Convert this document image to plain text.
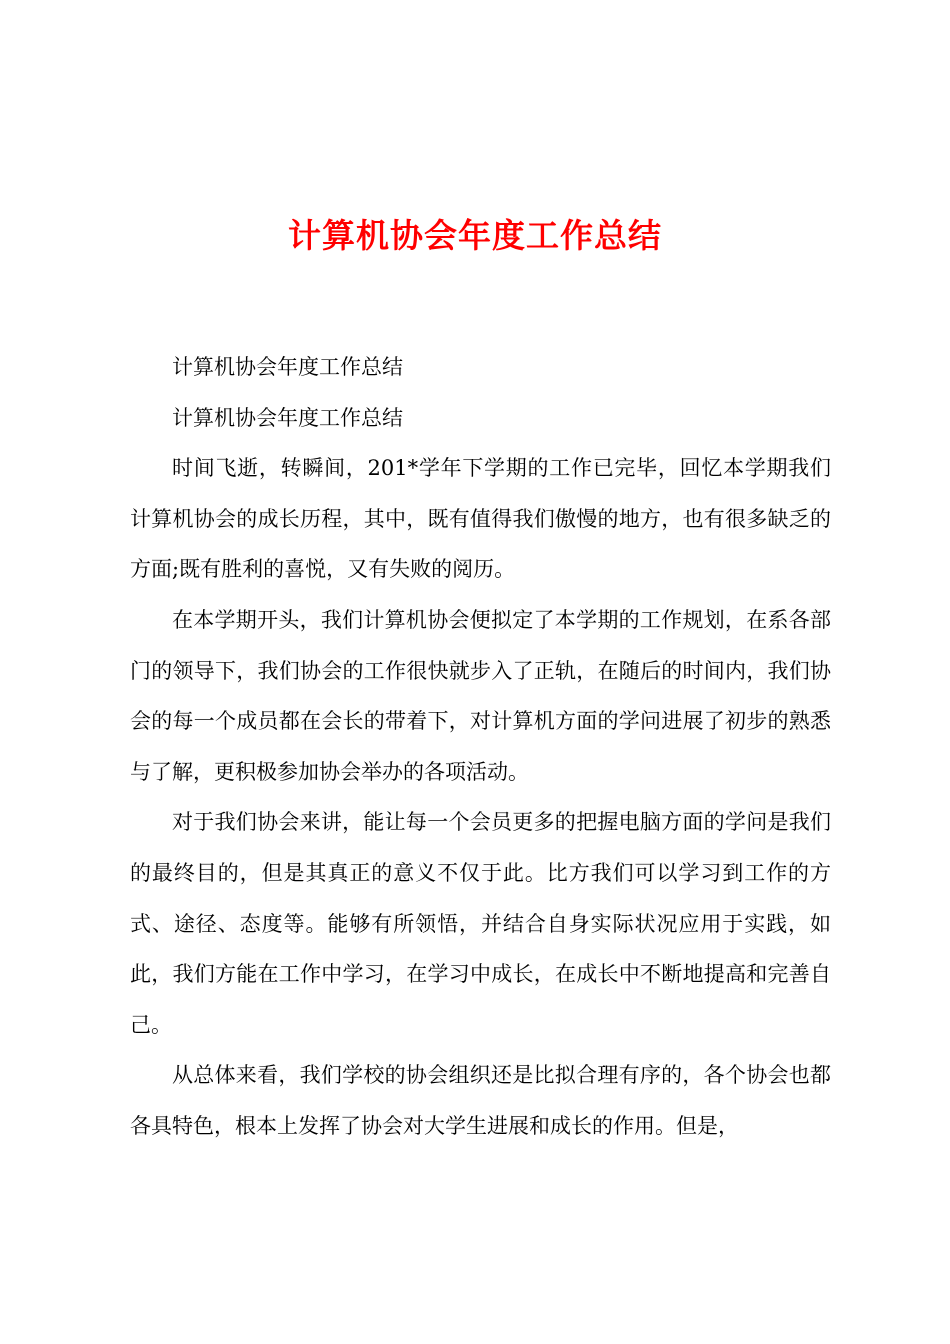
计算机协会年度工作总结

计算机协会年度工作总结

计算机协会年度工作总结

时间飞逝，转瞬间，201*学年下学期的工作已完毕，回忆本学期我们计算机协会的成长历程，其中，既有值得我们傲慢的地方，也有很多缺乏的方面;既有胜利的喜悦，又有失败的阅历。

在本学期开头，我们计算机协会便拟定了本学期的工作规划，在系各部门的领导下，我们协会的工作很快就步入了正轨，在随后的时间内，我们协会的每一个成员都在会长的带着下，对计算机方面的学问进展了初步的熟悉与了解，更积极参加协会举办的各项活动。

对于我们协会来讲，能让每一个会员更多的把握电脑方面的学问是我们的最终目的，但是其真正的意义不仅于此。比方我们可以学习到工作的方式、途径、态度等。能够有所领悟，并结合自身实际状况应用于实践，如此，我们方能在工作中学习，在学习中成长，在成长中不断地提高和完善自己。

从总体来看，我们学校的协会组织还是比拟合理有序的，各个协会也都各具特色，根本上发挥了协会对大学生进展和成长的作用。但是，
